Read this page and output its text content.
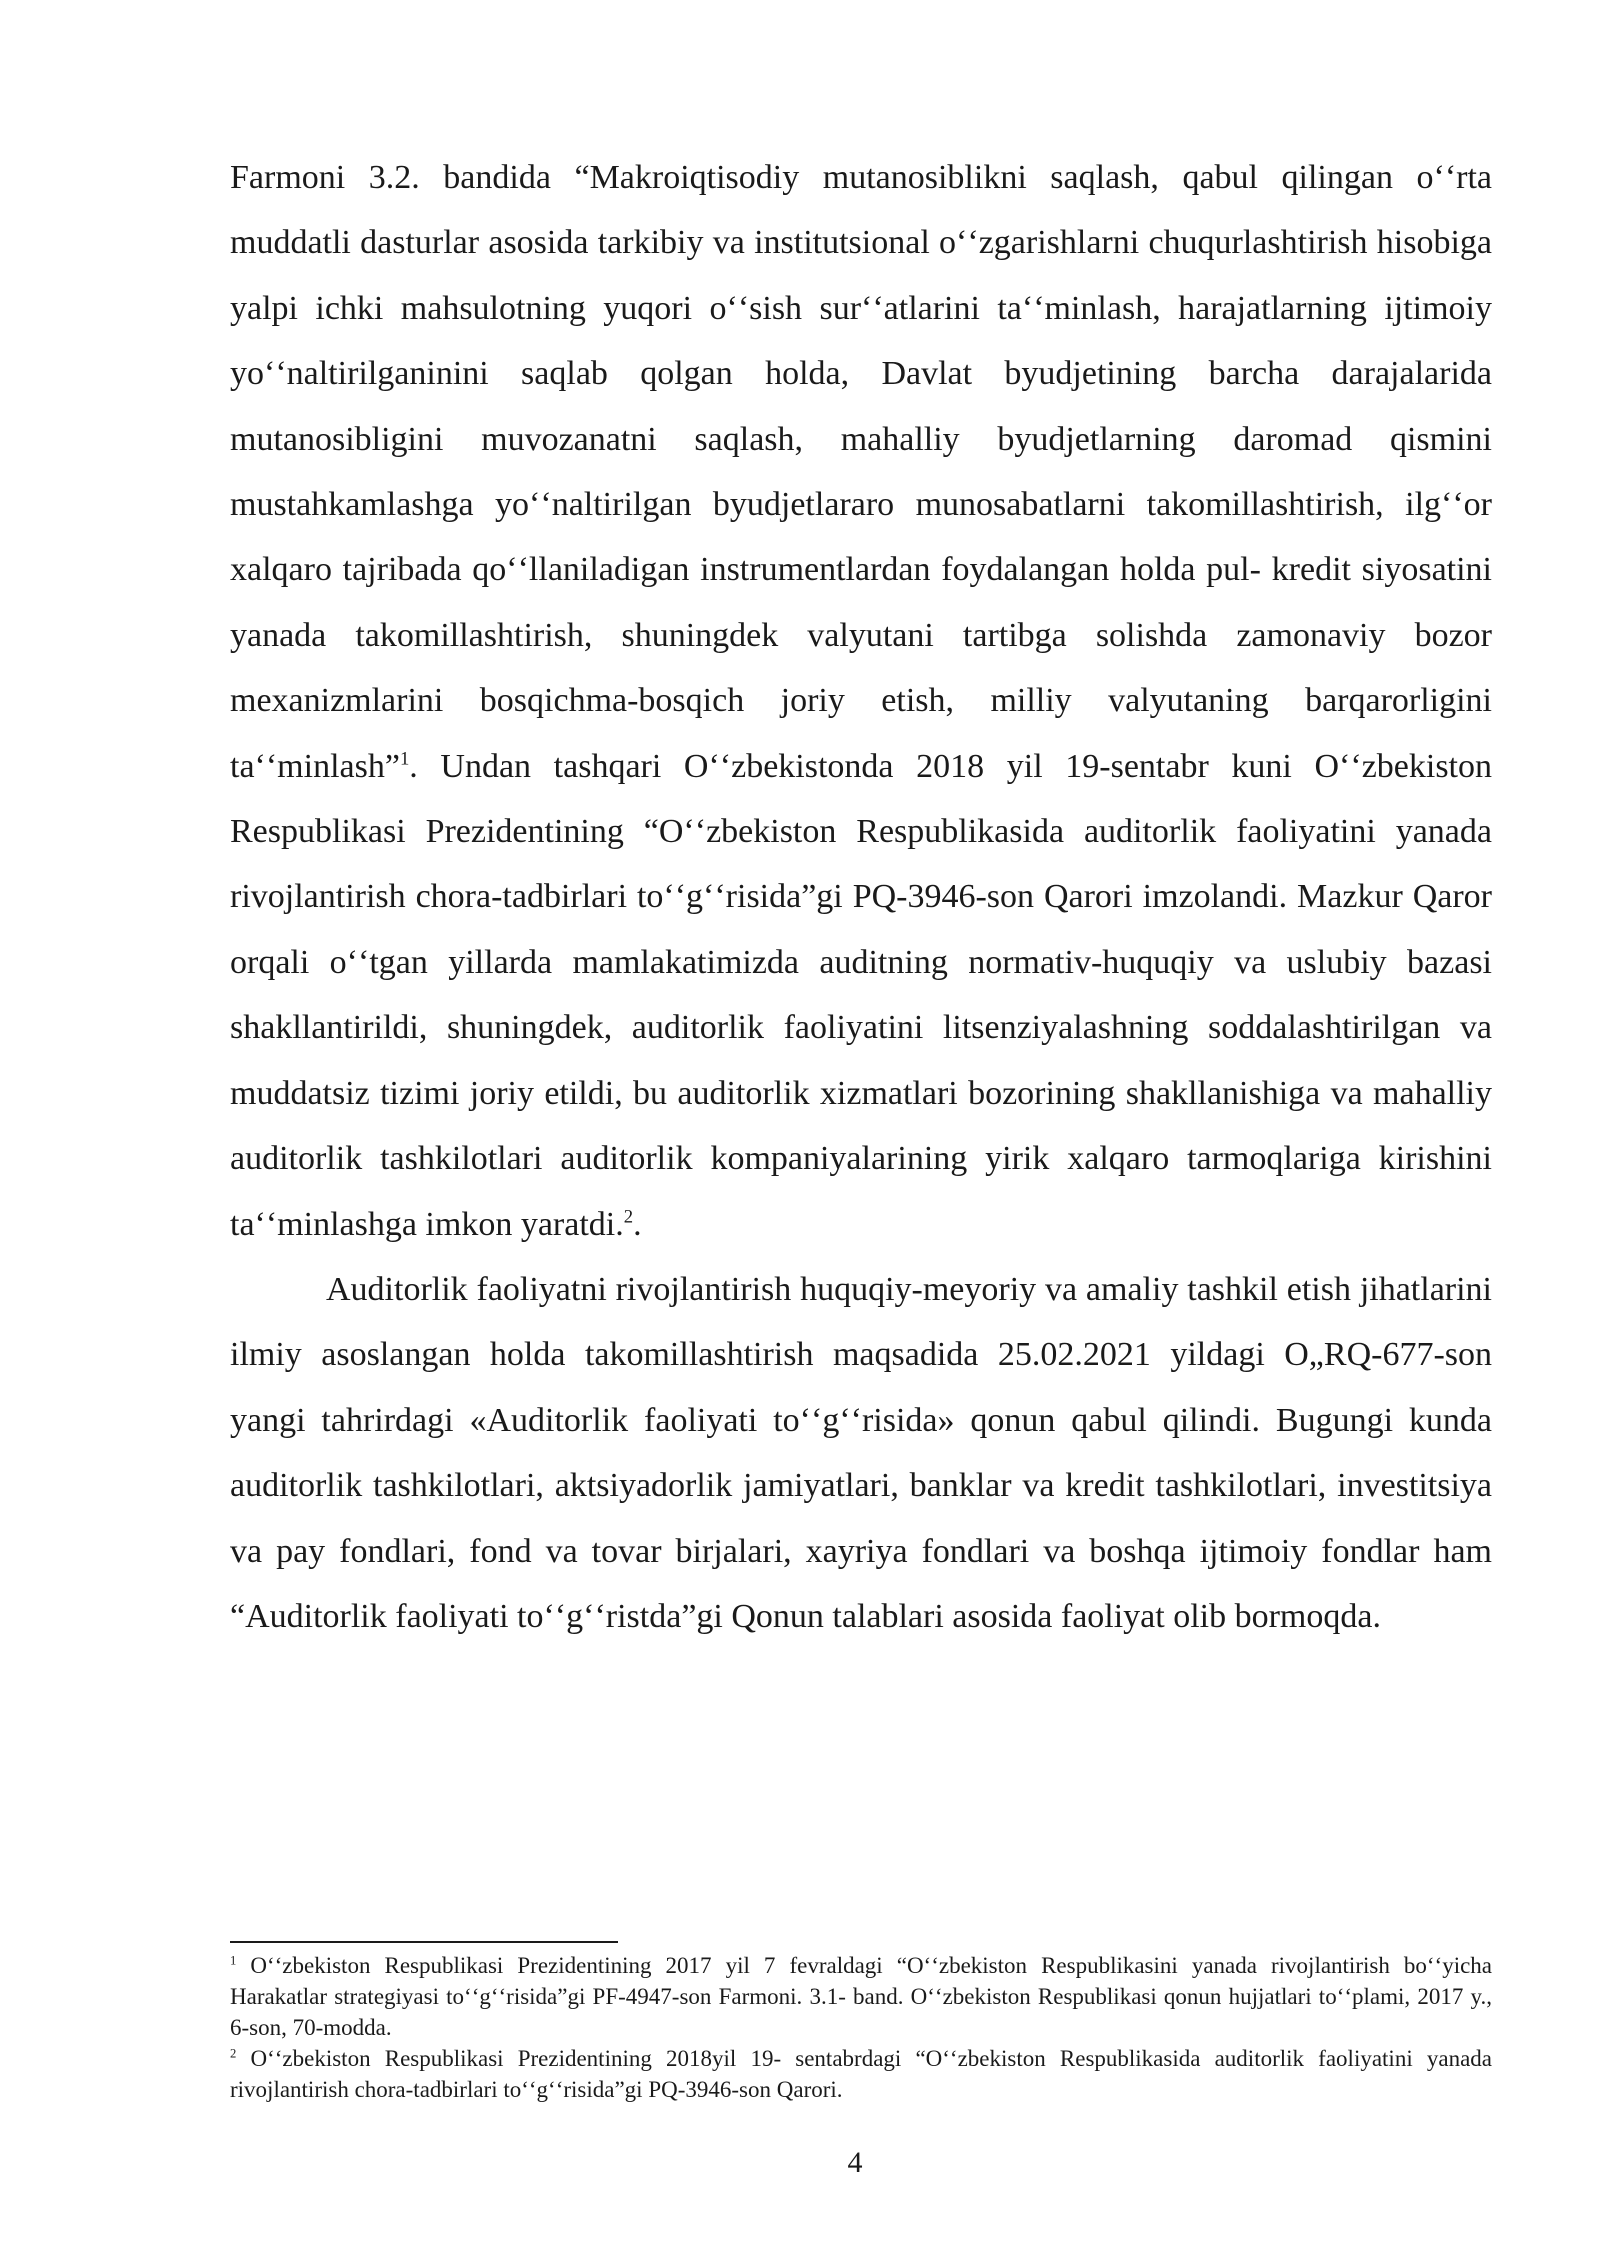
Farmoni 3.2. bandida “Makroiqtisodiy mutanosiblikni saqlash, qabul qilingan oʻʻrta muddatli dasturlar asosida tarkibiy va institutsional oʻʻzgarishlarni chuqurlashtirish hisobiga yalpi ichki mahsulotning yuqori oʻʻsish surʻʻatlarini taʻʻminlash, harajatlarning ijtimoiy yoʻʻnaltirilganinini saqlab qolgan holda, Davlat byudjetining barcha darajalarida mutanosibligini muvozanatni saqlash, mahalliy byudjetlarning daromad qismini mustahkamlashga yoʻʻnaltirilgan byudjetlararo munosabatlarni takomillashtirish, ilgʻʻor xalqaro tajribada qoʻʻllaniladigan instrumentlardan foydalangan holda pul- kredit siyosatini yanada takomillashtirish, shuningdek valyutani tartibga solishda zamonaviy bozor mexanizmlarini bosqichma-bosqich joriy etish, milliy valyutaning barqarorligini taʻʻminlash”$^1$. Undan tashqari Oʻʻzbekistonda 2018 yil 19-sentabr kuni Oʻʻzbekiston Respublikasi Prezidentining “Oʻʻzbekiston Respublikasida auditorlik faoliyatini yanada rivojlantirish chora-tadbirlari toʻʻgʻʻrisida”gi PQ-3946-son Qarori imzolandi. Mazkur Qaror orqali oʻʻtgan yillarda mamlakatimizda auditning normativ-huquqiy va uslubiy bazasi shakllantirildi, shuningdek, auditorlik faoliyatini litsenziyalashning soddalashtirilgan va muddatsiz tizimi joriy etildi, bu auditorlik xizmatlari bozorining shakllanishiga va mahalliy auditorlik tashkilotlari auditorlik kompaniyalarining yirik xalqaro tarmoqlariga kirishini taʻʻminlashga imkon yaratdi.$^2$.

Auditorlik faoliyatni rivojlantirish huquqiy-meyoriy va amaliy tashkil etish jihatlarini ilmiy asoslangan holda takomillashtirish maqsadida 25.02.2021 yildagi O„RQ-677-son yangi tahrirdagi «Auditorlik faoliyati toʻʻgʻʻrisida» qonun qabul qilindi. Bugungi kunda auditorlik tashkilotlari, aktsiyadorlik jamiyatlari, banklar va kredit tashkilotlari, investitsiya va pay fondlari, fond va tovar birjalari, xayriya fondlari va boshqa ijtimoiy fondlar ham “Auditorlik faoliyati toʻʻgʻʻristda”gi Qonun talablari asosida faoliyat olib bormoqda.

$^1$ Oʻʻzbekiston Respublikasi Prezidentining 2017 yil 7 fevraldagi “Oʻʻzbekiston Respublikasini yanada rivojlantirish boʻʻyicha Harakatlar strategiyasi toʻʻgʻʻrisida”gi PF-4947-son Farmoni. 3.1- band. Oʻʻzbekiston Respublikasi qonun hujjatlari toʻʻplami, 2017 y., 6-son, 70-modda.

$^2$ Oʻʻzbekiston Respublikasi Prezidentining 2018yil 19- sentabrdagi “Oʻʻzbekiston Respublikasida auditorlik faoliyatini yanada rivojlantirish chora-tadbirlari toʻʻgʻʻrisida”gi PQ-3946-son Qarori.

4
